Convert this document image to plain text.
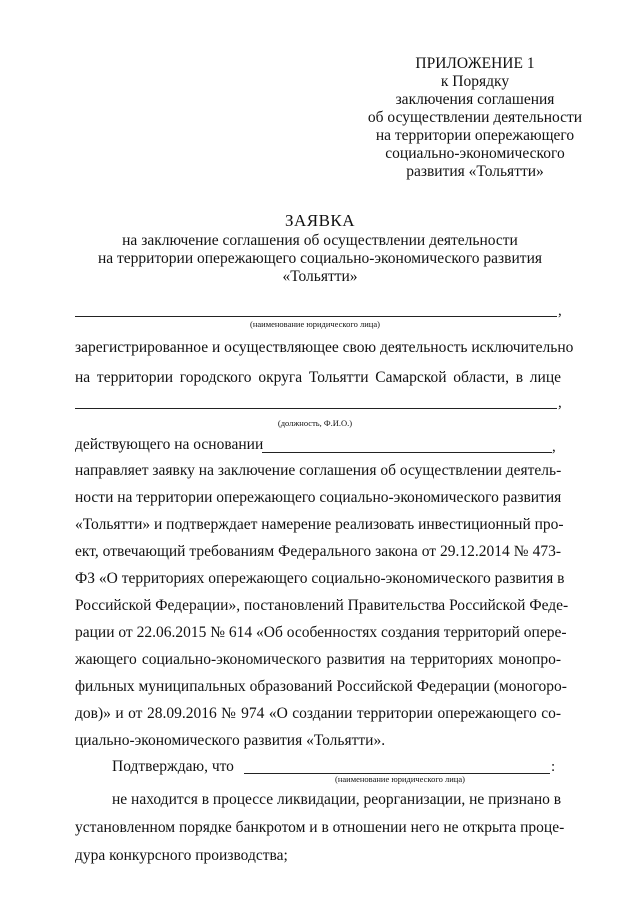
ПРИЛОЖЕНИЕ 1
к Порядку
заключения соглашения
об осуществлении деятельности
на территории опережающего
социально-экономического
развития «Тольятти»
ЗАЯВКА
на заключение соглашения об осуществлении деятельности
на территории опережающего социально-экономического развития
«Тольятти»
,
(наименование юридического лица)
зарегистрированное и осуществляющее свою деятельность исключительно
на территории городского округа Тольятти Самарской области, в лице
,
(должность, Ф.И.О.)
действующего на основании	,
направляет заявку на заключение соглашения об осуществлении деятель-
ности на территории опережающего социально-экономического развития
«Тольятти» и подтверждает намерение реализовать инвестиционный про-
ект, отвечающий требованиям Федерального закона от 29.12.2014 № 473-
ФЗ «О территориях опережающего социально-экономического развития в
Российской Федерации», постановлений Правительства Российской Феде-
рации от 22.06.2015 № 614 «Об особенностях создания территорий опере-
жающего социально-экономического развития на территориях монопро-
фильных муниципальных образований Российской Федерации (моногоро-
дов)» и от 28.09.2016 № 974 «О создании территории опережающего со-
циально-экономического развития «Тольятти».
Подтверждаю, что	:
(наименование юридического лица)
не находится в процессе ликвидации, реорганизации, не признано в
установленном порядке банкротом и в отношении него не открыта проце-
дура конкурсного производства;
